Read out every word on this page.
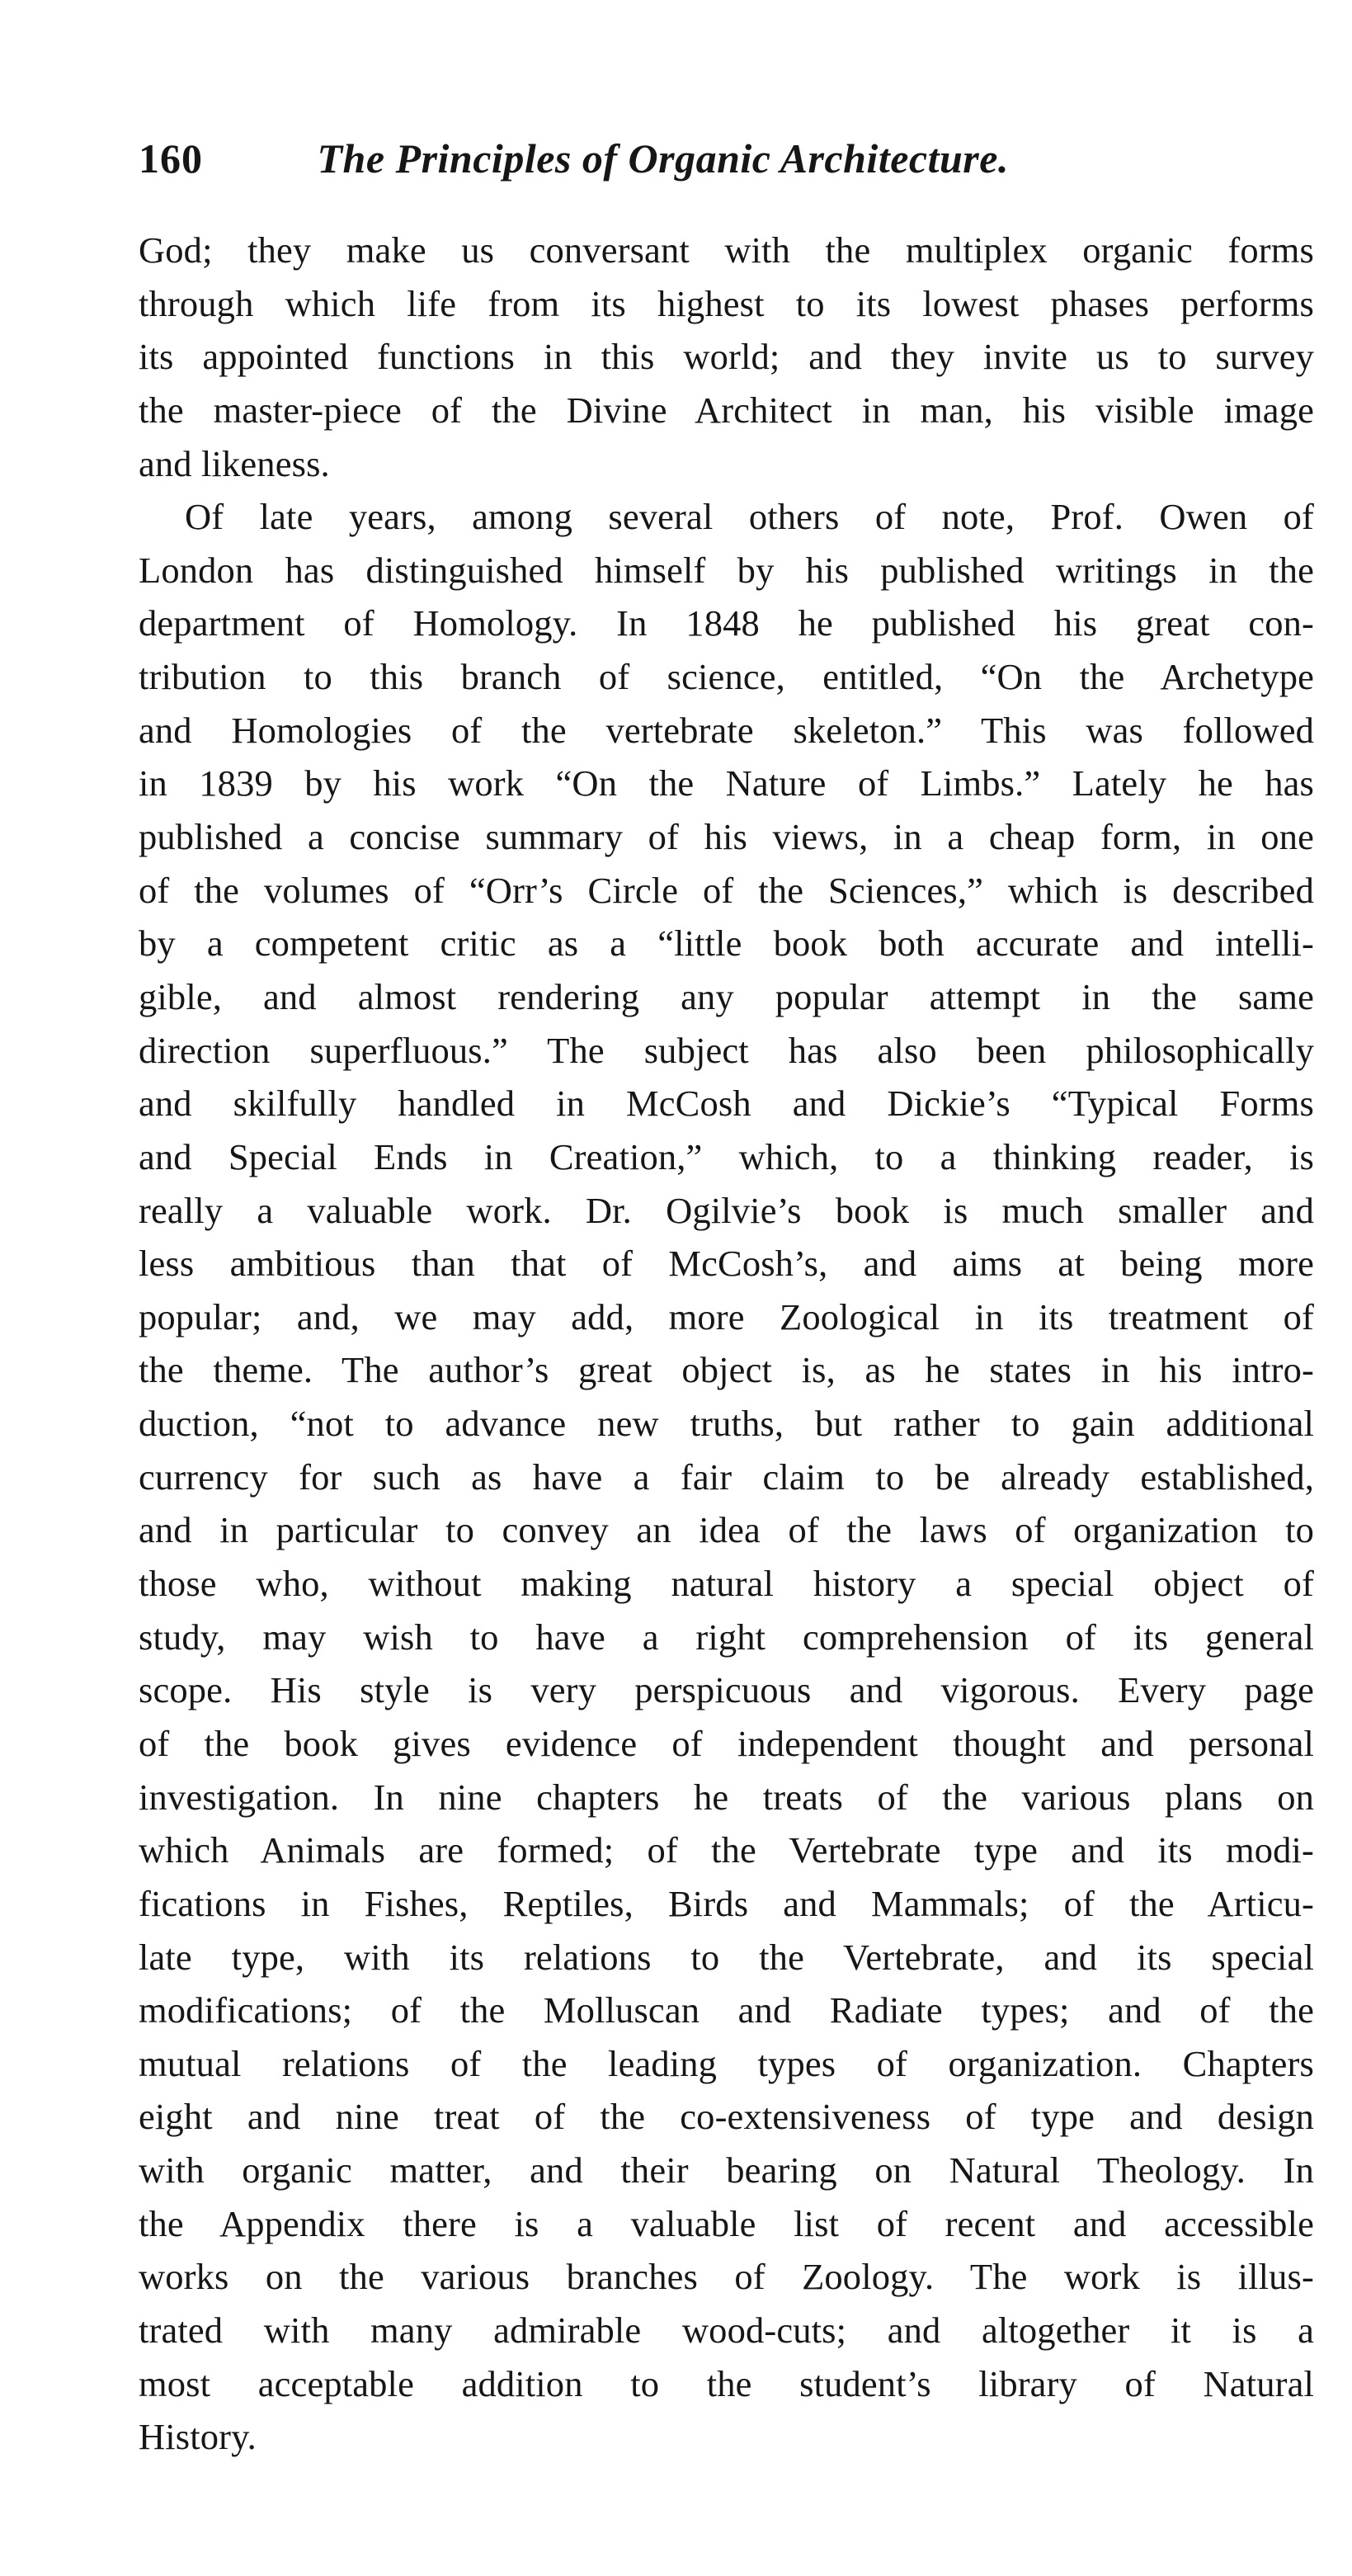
160	The Principles of Organic Architecture.
God; they make us conversant with the multiplex organic forms
through which life from its highest to its lowest phases performs
its appointed functions in this world; and they invite us to survey
the master-piece of the Divine Architect in man, his visible image
and likeness.
Of late years, among several others of note, Prof. Owen of
London has distinguished himself by his published writings in the
department of Homology. In 1848 he published his great con-
tribution to this branch of science, entitled, “On the Archetype
and Homologies of the vertebrate skeleton.” This was followed
in 1839 by his work “On the Nature of Limbs.” Lately he has
published a concise summary of his views, in a cheap form, in one
of the volumes of “Orr’s Circle of the Sciences,” which is described
by a competent critic as a “little book both accurate and intelli-
gible, and almost rendering any popular attempt in the same
direction superfluous.” The subject has also been philosophically
and skilfully handled in McCosh and Dickie’s “Typical Forms
and Special Ends in Creation,” which, to a thinking reader, is
really a valuable work. Dr. Ogilvie’s book is much smaller and
less ambitious than that of McCosh’s, and aims at being more
popular; and, we may add, more Zoological in its treatment of
the theme. The author’s great object is, as he states in his intro-
duction, “not to advance new truths, but rather to gain additional
currency for such as have a fair claim to be already established,
and in particular to convey an idea of the laws of organization to
those who, without making natural history a special object of
study, may wish to have a right comprehension of its general
scope. His style is very perspicuous and vigorous. Every page
of the book gives evidence of independent thought and personal
investigation. In nine chapters he treats of the various plans on
which Animals are formed; of the Vertebrate type and its modi-
fications in Fishes, Reptiles, Birds and Mammals; of the Articu-
late type, with its relations to the Vertebrate, and its special
modifications; of the Molluscan and Radiate types; and of the
mutual relations of the leading types of organization. Chapters
eight and nine treat of the co-extensiveness of type and design
with organic matter, and their bearing on Natural Theology. In
the Appendix there is a valuable list of recent and accessible
works on the various branches of Zoology. The work is illus-
trated with many admirable wood-cuts; and altogether it is a
most acceptable addition to the student’s library of Natural
History.
